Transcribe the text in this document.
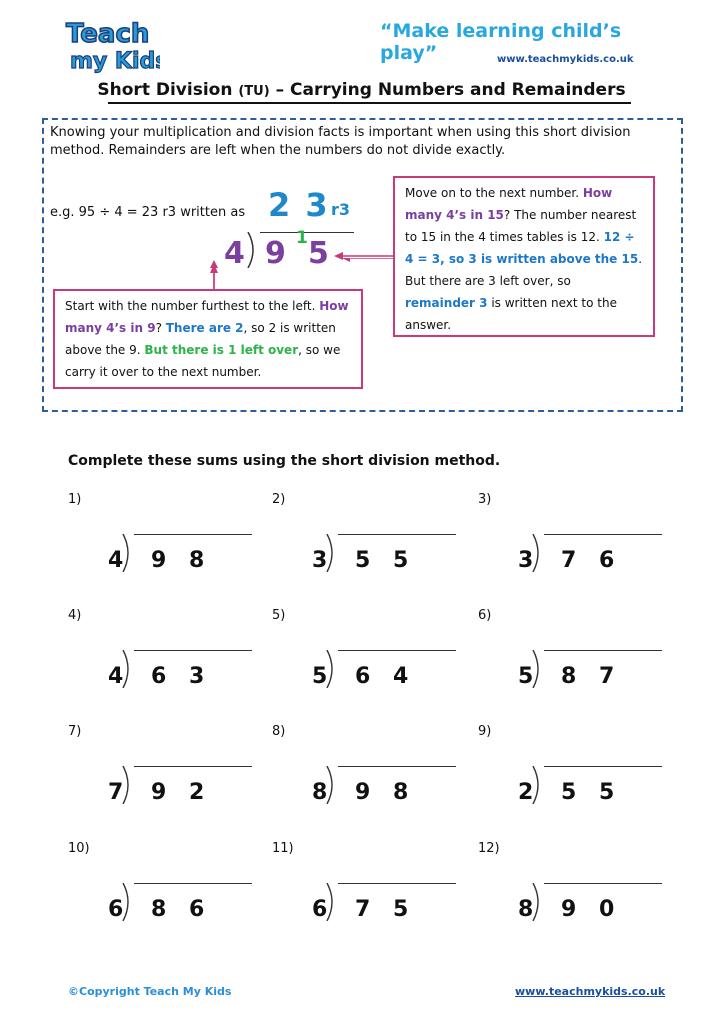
Teach
my Kids
“Make learning child’s play”	www.teachmykids.co.uk
Short Division (TU) – Carrying Numbers and Remainders
Knowing your multiplication and division facts is important when using this short division method. Remainders are left when the numbers do not divide exactly.
e.g. 95 ÷ 4 = 23 r3 written as 2 3 r3
4 9 1 5
Move on to the next number. How many 4’s in 15? The number nearest to 15 in the 4 times tables is 12. 12 ÷ 4 = 3, so 3 is written above the 15. But there are 3 left over, so remainder 3 is written next to the answer.
Start with the number furthest to the left. How many 4’s in 9? There are 2, so 2 is written above the 9. But there is 1 left over, so we carry it over to the next number.
Complete these sums using the short division method.
1)
4 9 8
2)
3 5 5
3)
3 7 6
4)
4 6 3
5)
5 6 4
6)
5 8 7
7)
7 9 2
8)
8 9 8
9)
2 5 5
10)
6 8 6
11)
6 7 5
12)
8 9 0
©Copyright Teach My Kids	www.teachmykids.co.uk
